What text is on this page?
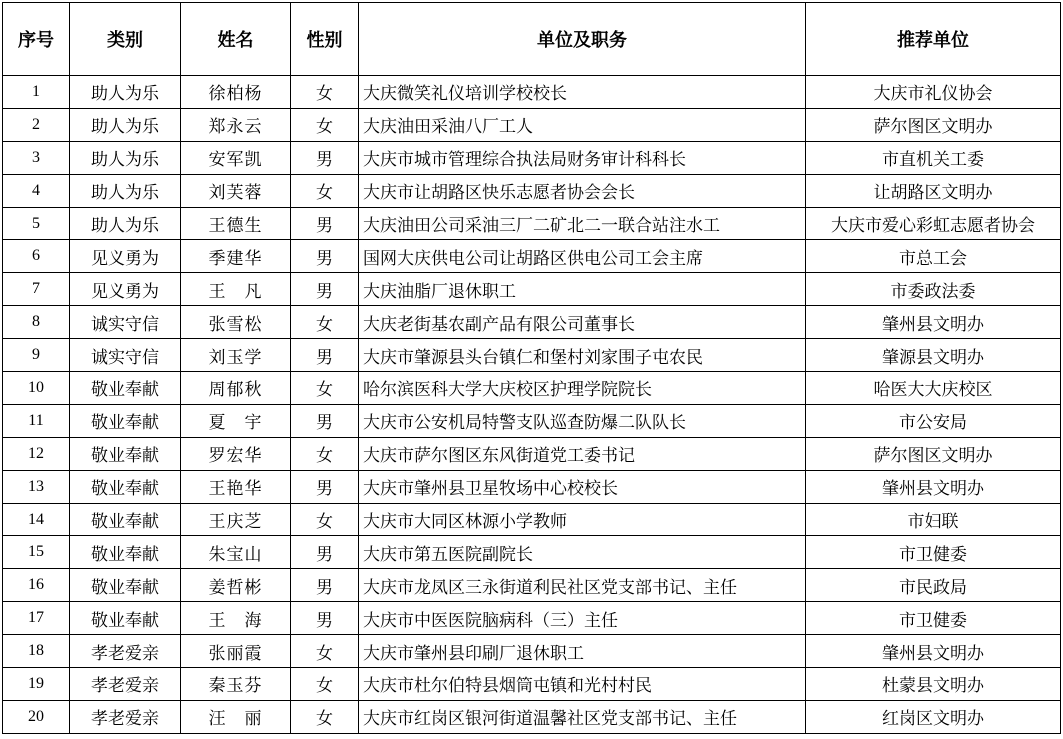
序号	类别	姓名	性别	单位及职务	推荐单位
1	助人为乐	徐柏杨	女	大庆微笑礼仪培训学校校长	大庆市礼仪协会
2	助人为乐	郑永云	女	大庆油田采油八厂工人	萨尔图区文明办
3	助人为乐	安军凯	男	大庆市城市管理综合执法局财务审计科科长	市直机关工委
4	助人为乐	刘芙蓉	女	大庆市让胡路区快乐志愿者协会会长	让胡路区文明办
5	助人为乐	王德生	男	大庆油田公司采油三厂二矿北二一联合站注水工	大庆市爱心彩虹志愿者协会
6	见义勇为	季建华	男	国网大庆供电公司让胡路区供电公司工会主席	市总工会
7	见义勇为	王　凡	男	大庆油脂厂退休职工	市委政法委
8	诚实守信	张雪松	女	大庆老街基农副产品有限公司董事长	肇州县文明办
9	诚实守信	刘玉学	男	大庆市肇源县头台镇仁和堡村刘家围子屯农民	肇源县文明办
10	敬业奉献	周郁秋	女	哈尔滨医科大学大庆校区护理学院院长	哈医大大庆校区
11	敬业奉献	夏　宇	男	大庆市公安机局特警支队巡查防爆二队队长	市公安局
12	敬业奉献	罗宏华	女	大庆市萨尔图区东风街道党工委书记	萨尔图区文明办
13	敬业奉献	王艳华	男	大庆市肇州县卫星牧场中心校校长	肇州县文明办
14	敬业奉献	王庆芝	女	大庆市大同区林源小学教师	市妇联
15	敬业奉献	朱宝山	男	大庆市第五医院副院长	市卫健委
16	敬业奉献	姜哲彬	男	大庆市龙凤区三永街道利民社区党支部书记、主任	市民政局
17	敬业奉献	王　海	男	大庆市中医医院脑病科（三）主任	市卫健委
18	孝老爱亲	张丽霞	女	大庆市肇州县印刷厂退休职工	肇州县文明办
19	孝老爱亲	秦玉芬	女	大庆市杜尔伯特县烟筒屯镇和光村村民	杜蒙县文明办
20	孝老爱亲	汪　丽	女	大庆市红岗区银河街道温馨社区党支部书记、主任	红岗区文明办
